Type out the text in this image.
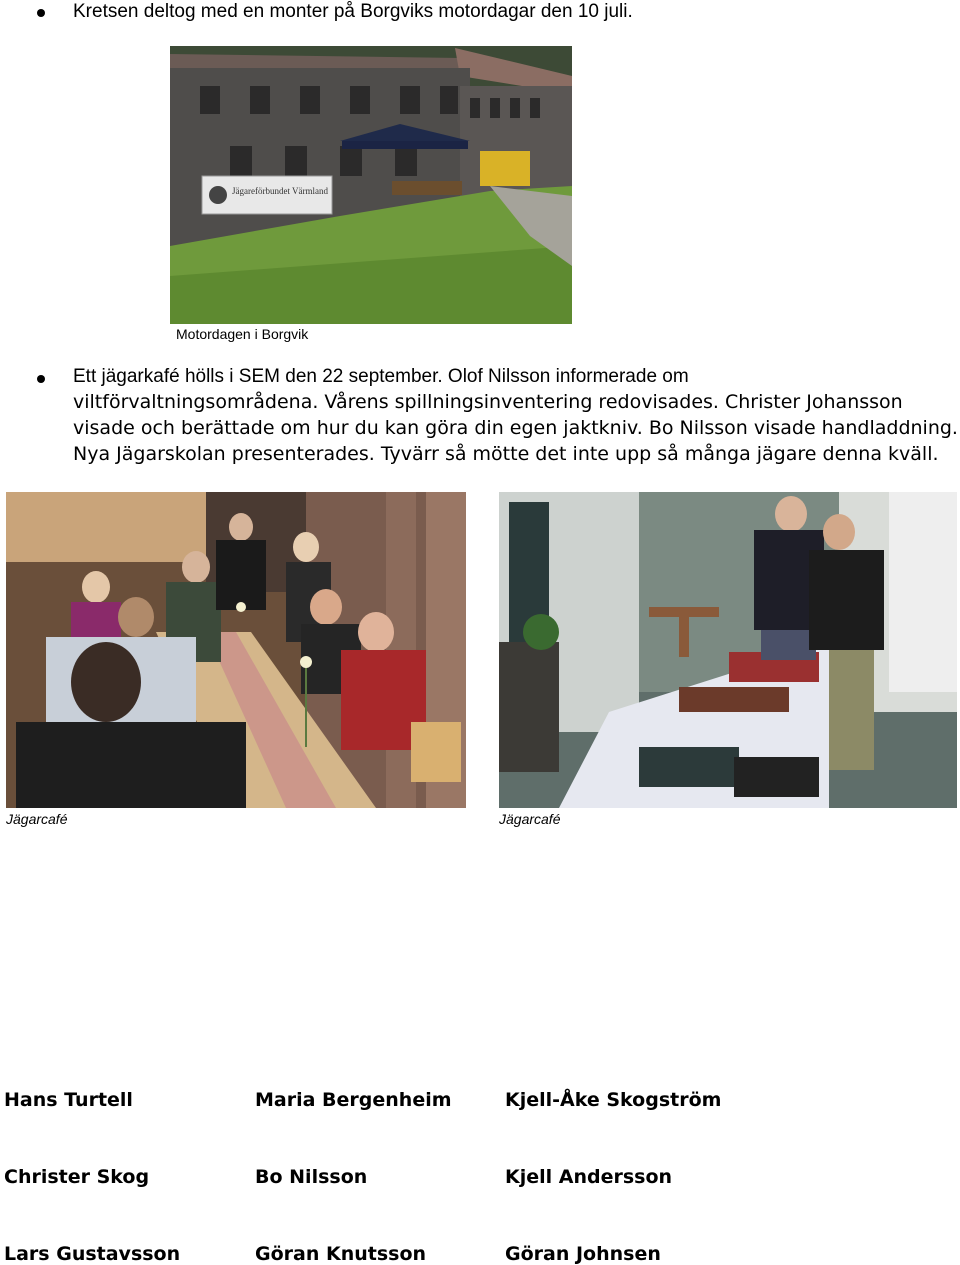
Kretsen deltog med en monter på Borgviks motordagar den 10 juli.
Jägareförbundet Värmland
Motordagen i Borgvik
Ett jägarkafé hölls i SEM den 22 september. Olof Nilsson informerade om
viltförvaltningsområdena. Vårens spillningsinventering redovisades. Christer Johansson
visade och berättade om hur du kan göra din egen jaktkniv. Bo Nilsson visade handladdning.
Nya Jägarskolan presenterades. Tyvärr så mötte det inte upp så många jägare denna kväll.
Jägarcafé	Jägarcafé
Hans Turtell	Maria Bergenheim	Kjell-Åke Skogström
Christer Skog	Bo Nilsson	Kjell Andersson
Lars Gustavsson	Göran Knutsson	Göran Johnsen
